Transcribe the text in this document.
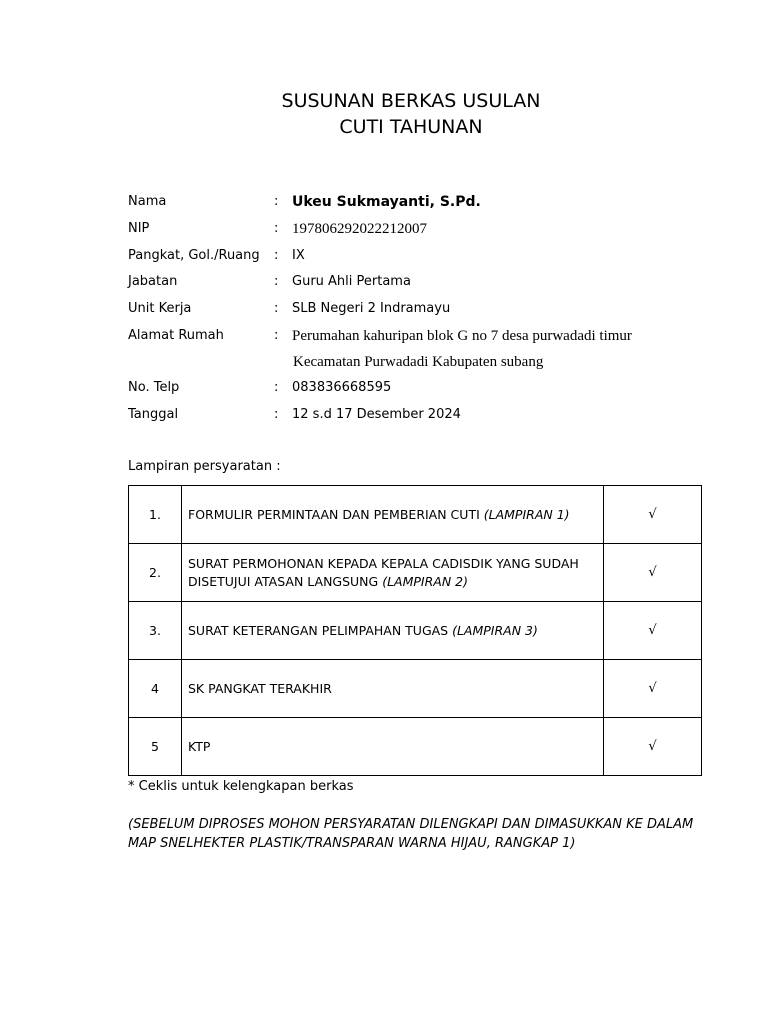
SUSUNAN BERKAS USULAN
CUTI TAHUNAN
Nama	: Ukeu Sukmayanti, S.Pd.
NIP	: 197806292022212007
Pangkat, Gol./Ruang	: IX
Jabatan	: Guru Ahli Pertama
Unit Kerja	: SLB Negeri 2 Indramayu
Alamat Rumah	: Perumahan kahuripan blok G no 7 desa purwadadi timur
Kecamatan Purwadadi Kabupaten subang
No. Telp	: 083836668595
Tanggal	: 12 s.d 17 Desember 2024
Lampiran persyaratan :
1.	FORMULIR PERMINTAAN DAN PEMBERIAN CUTI (LAMPIRAN 1)	√
2.	SURAT PERMOHONAN KEPADA KEPALA CADISDIK YANG SUDAH DISETUJUI ATASAN LANGSUNG (LAMPIRAN 2)	√
3.	SURAT KETERANGAN PELIMPAHAN TUGAS (LAMPIRAN 3)	√
4	SK PANGKAT TERAKHIR	√
5	KTP	√
* Ceklis untuk kelengkapan berkas
(SEBELUM DIPROSES MOHON PERSYARATAN DILENGKAPI DAN DIMASUKKAN KE DALAM MAP SNELHEKTER PLASTIK/TRANSPARAN WARNA HIJAU, RANGKAP 1)
